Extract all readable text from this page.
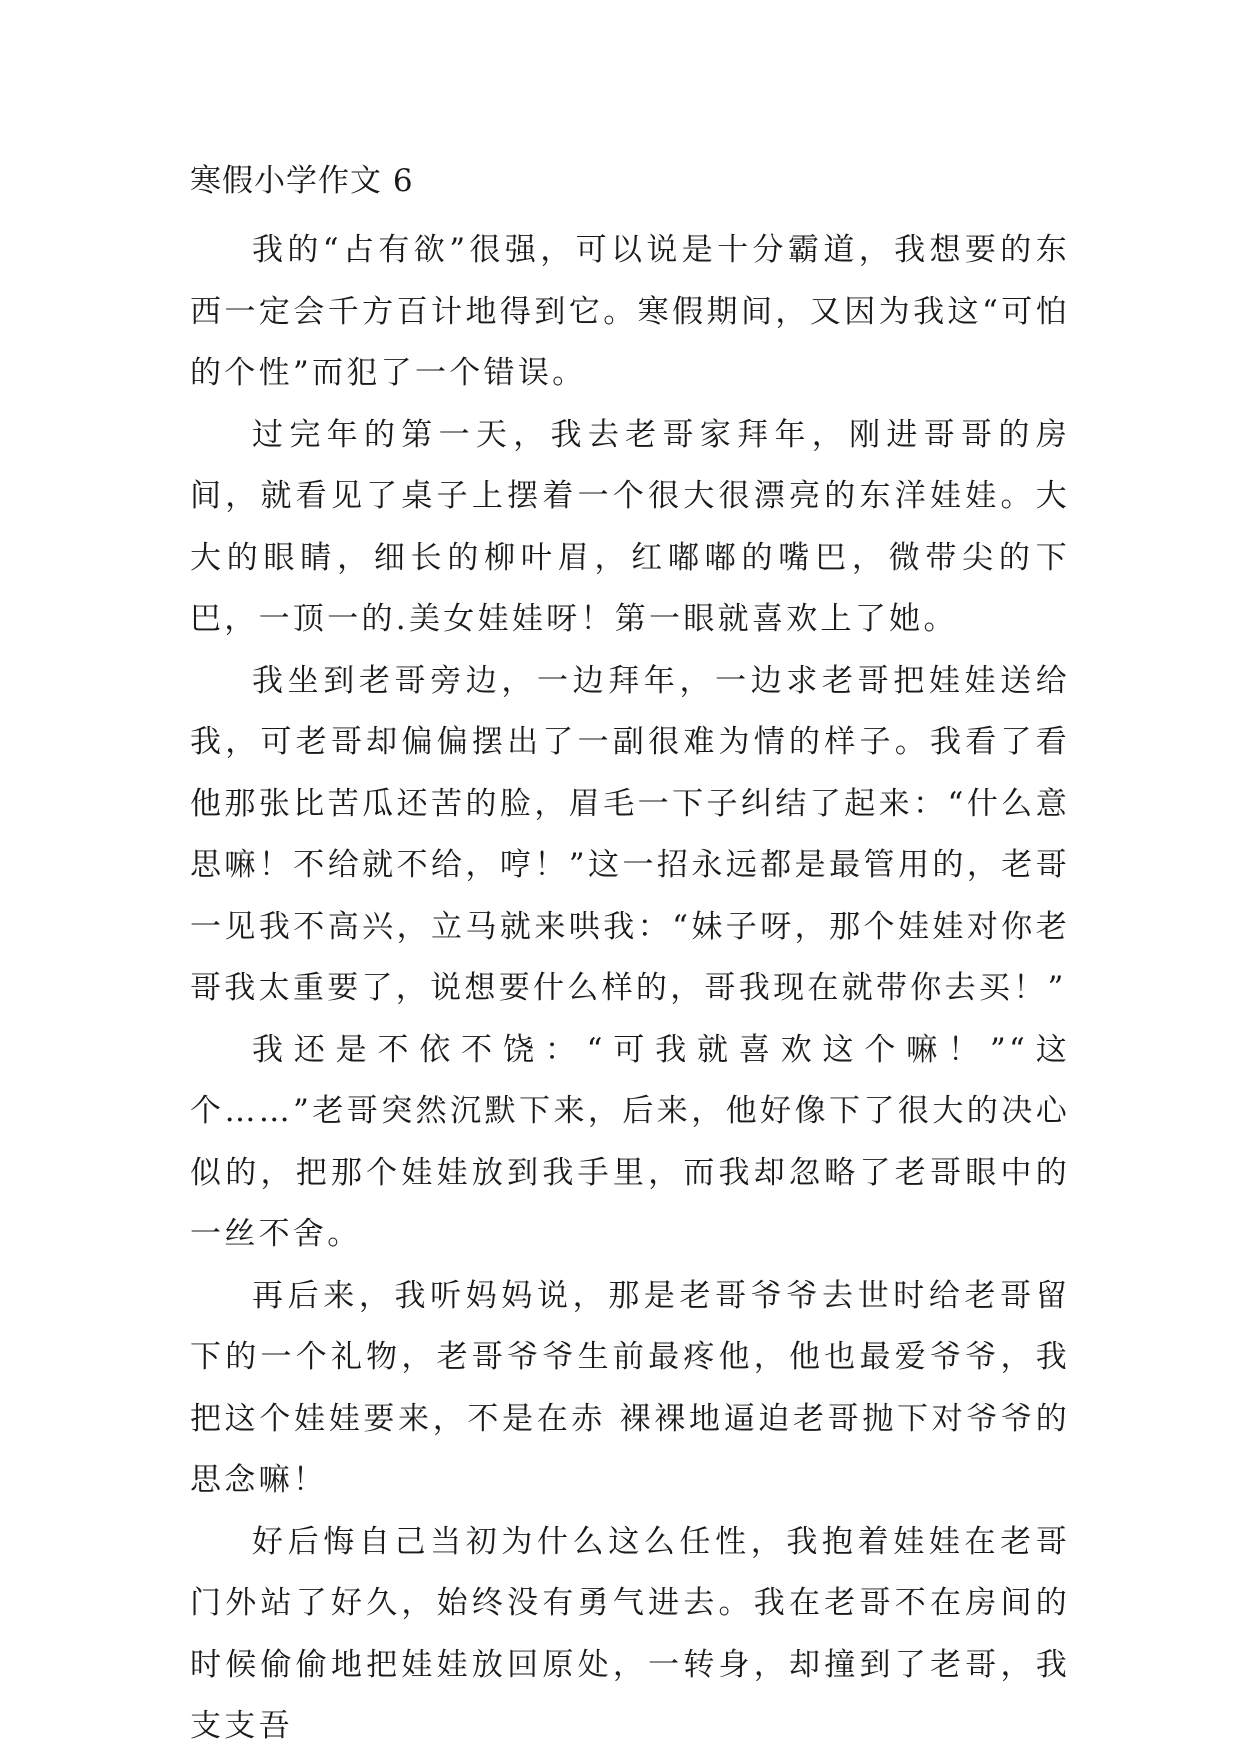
寒假小学作文 6

我的“占有欲”很强，可以说是十分霸道，我想要的东西一定会千方百计地得到它。寒假期间，又因为我这“可怕的个性”而犯了一个错误。

过完年的第一天，我去老哥家拜年，刚进哥哥的房间，就看见了桌子上摆着一个很大很漂亮的东洋娃娃。大大的眼睛，细长的柳叶眉，红嘟嘟的嘴巴，微带尖的下巴，一顶一的.美女娃娃呀！第一眼就喜欢上了她。

我坐到老哥旁边，一边拜年，一边求老哥把娃娃送给我，可老哥却偏偏摆出了一副很难为情的样子。我看了看他那张比苦瓜还苦的脸，眉毛一下子纠结了起来：“什么意思嘛！不给就不给，哼！”这一招永远都是最管用的，老哥一见我不高兴，立马就来哄我：“妹子呀，那个娃娃对你老哥我太重要了，说想要什么样的，哥我现在就带你去买！”

我还是不依不饶：“可我就喜欢这个嘛！”“这个……”老哥突然沉默下来，后来，他好像下了很大的决心似的，把那个娃娃放到我手里，而我却忽略了老哥眼中的一丝不舍。

再后来，我听妈妈说，那是老哥爷爷去世时给老哥留下的一个礼物，老哥爷爷生前最疼他，他也最爱爷爷，我把这个娃娃要来，不是在赤 裸裸地逼迫老哥抛下对爷爷的思念嘛！

好后悔自己当初为什么这么任性，我抱着娃娃在老哥门外站了好久，始终没有勇气进去。我在老哥不在房间的时候偷偷地把娃娃放回原处，一转身，却撞到了老哥，我支支吾
